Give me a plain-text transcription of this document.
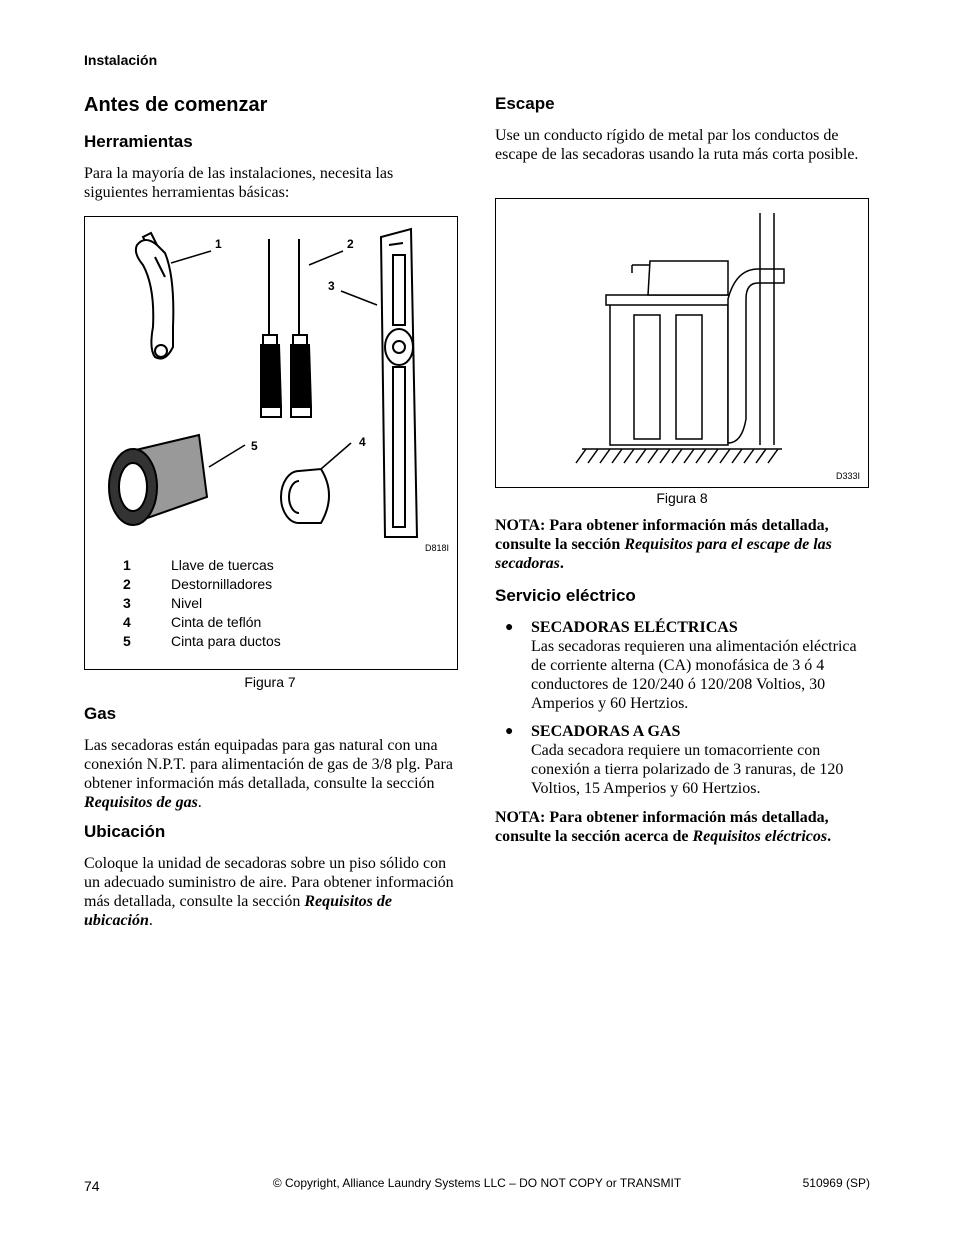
Instalación
Antes de comenzar
Herramientas

Para la mayoría de las instalaciones, necesita las siguientes herramientas básicas:

1	2
3
4
5
D818I
1	Llave de tuercas
2	Destornilladores
3	Nivel
4	Cinta de teflón
5	Cinta para ductos
Figura 7
Gas

Las secadoras están equipadas para gas natural con una conexión N.P.T. para alimentación de gas de 3/8 plg. Para obtener información más detallada, consulte la sección Requisitos de gas.

Ubicación

Coloque la unidad de secadoras sobre un piso sólido con un adecuado suministro de aire. Para obtener información más detallada, consulte la sección Requisitos de ubicación.

Escape

Use un conducto rígido de metal par los conductos de escape de las secadoras usando la ruta más corta posible.

D333I
Figura 8

NOTA: Para obtener información más detallada, consulte la sección Requisitos para el escape de las secadoras.

Servicio eléctrico
● SECADORAS ELÉCTRICAS
Las secadoras requieren una alimentación eléctrica de corriente alterna (CA) monofásica de 3 ó 4 conductores de 120/240 ó 120/208 Voltios, 30 Amperios y 60 Hertzios.
● SECADORAS A GAS
Cada secadora requiere un tomacorriente con conexión a tierra polarizado de 3 ranuras, de 120 Voltios, 15 Amperios y 60 Hertzios.

NOTA: Para obtener información más detallada, consulte la sección acerca de Requisitos eléctricos.

74	© Copyright, Alliance Laundry Systems LLC – DO NOT COPY or TRANSMIT	510969 (SP)
